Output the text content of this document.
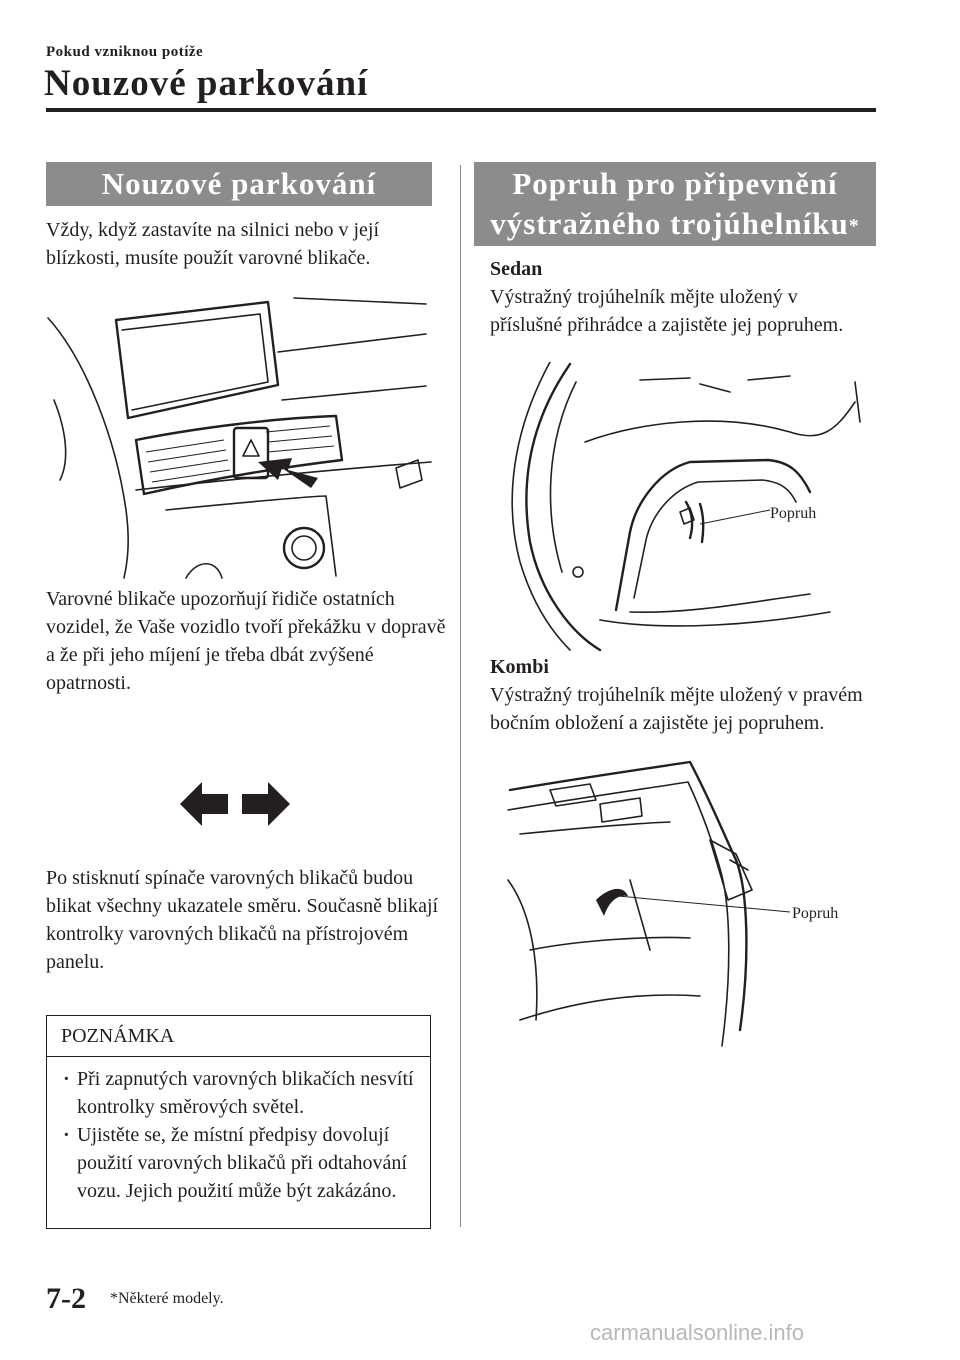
Pokud vzniknou potíže
Nouzové parkování
Nouzové parkování
Vždy, když zastavíte na silnici nebo v její blízkosti, musíte použít varovné blikače.
Varovné blikače upozorňují řidiče ostatních vozidel, že Vaše vozidlo tvoří překážku v dopravě a že při jeho míjení je třeba dbát zvýšené opatrnosti.
Po stisknutí spínače varovných blikačů budou blikat všechny ukazatele směru. Současně blikají kontrolky varovných blikačů na přístrojovém panelu.
POZNÁMKA
· Při zapnutých varovných blikačích nesvítí kontrolky směrových světel.
· Ujistěte se, že místní předpisy dovolují použití varovných blikačů při odtahování vozu. Jejich použití může být zakázáno.
Popruh pro připevnění
výstražného trojúhelníku*
Sedan
Výstražný trojúhelník mějte uložený v příslušné přihrádce a zajistěte jej popruhem.
Popruh
Kombi
Výstražný trojúhelník mějte uložený v pravém bočním obložení a zajistěte jej popruhem.
Popruh
7-2 *Některé modely.
carmanualsonline.info
